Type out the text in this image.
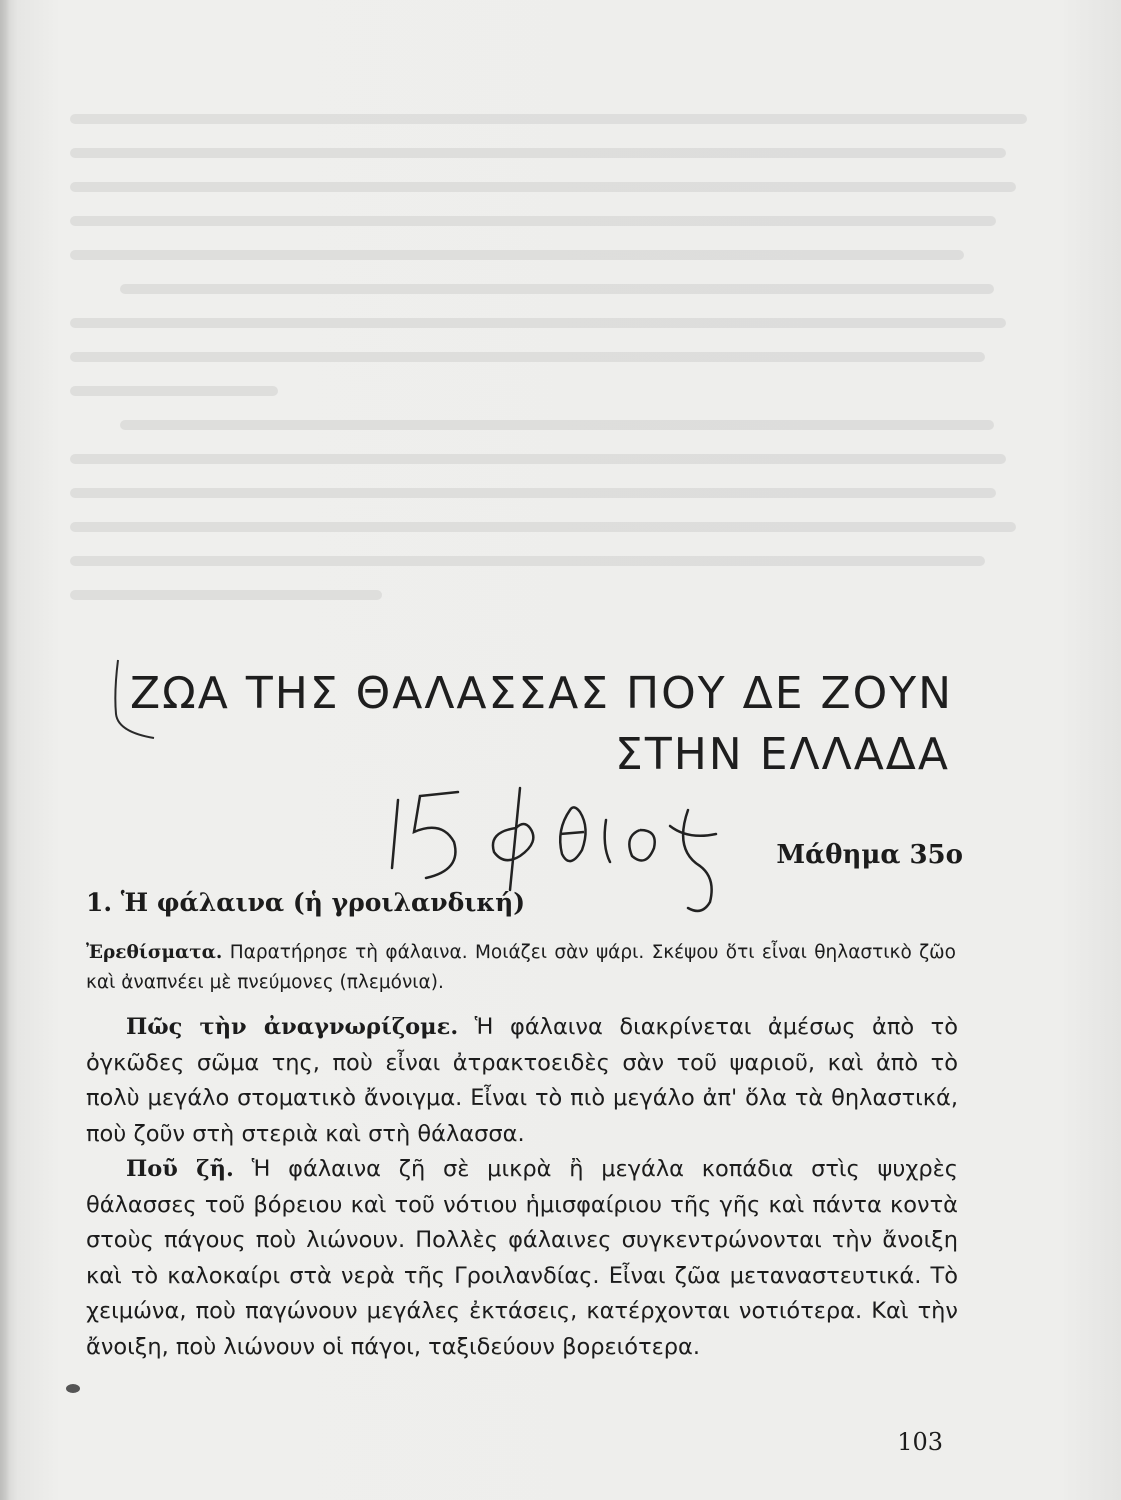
ΖΩΑ ΤΗΣ ΘΑΛΑΣΣΑΣ ΠΟΥ ΔΕ ΖΟΥΝ
ΣΤΗΝ ΕΛΛΑΔΑ
Μάθημα 35ο
1. Ἡ φάλαινα (ἡ γροιλανδική)

Ἐρεθίσματα. Παρατήρησε τὴ φάλαινα. Μοιάζει σὰν ψάρι. Σκέψου ὅτι εἶναι θηλαστικὸ ζῶο καὶ ἀναπνέει μὲ πνεύμονες (πλεμόνια).

Πῶς τὴν ἀναγνωρίζομε. Ἡ φάλαινα διακρίνεται ἀμέσως ἀπὸ τὸ ὀγκῶδες σῶμα της, ποὺ εἶναι ἀτρακτοειδὲς σὰν τοῦ ψαριοῦ, καὶ ἀπὸ τὸ πολὺ μεγάλο στοματικὸ ἄνοιγμα. Εἶναι τὸ πιὸ μεγάλο ἀπ' ὅλα τὰ θηλαστικά, ποὺ ζοῦν στὴ στεριὰ καὶ στὴ θάλασσα.

Ποῦ ζῆ. Ἡ φάλαινα ζῆ σὲ μικρὰ ἢ μεγάλα κοπάδια στὶς ψυχρὲς θάλασσες τοῦ βόρειου καὶ τοῦ νότιου ἡμισφαίριου τῆς γῆς καὶ πάντα κοντὰ στοὺς πάγους ποὺ λιώνουν. Πολλὲς φάλαινες συγκεντρώνονται τὴν ἄνοιξη καὶ τὸ καλοκαίρι στὰ νερὰ τῆς Γροιλανδίας. Εἶναι ζῶα μεταναστευτικά. Τὸ χειμώνα, ποὺ παγώνουν μεγάλες ἐκτάσεις, κατέρχονται νοτιότερα. Καὶ τὴν ἄνοιξη, ποὺ λιώνουν οἱ πάγοι, ταξιδεύουν βορειότερα.

103
